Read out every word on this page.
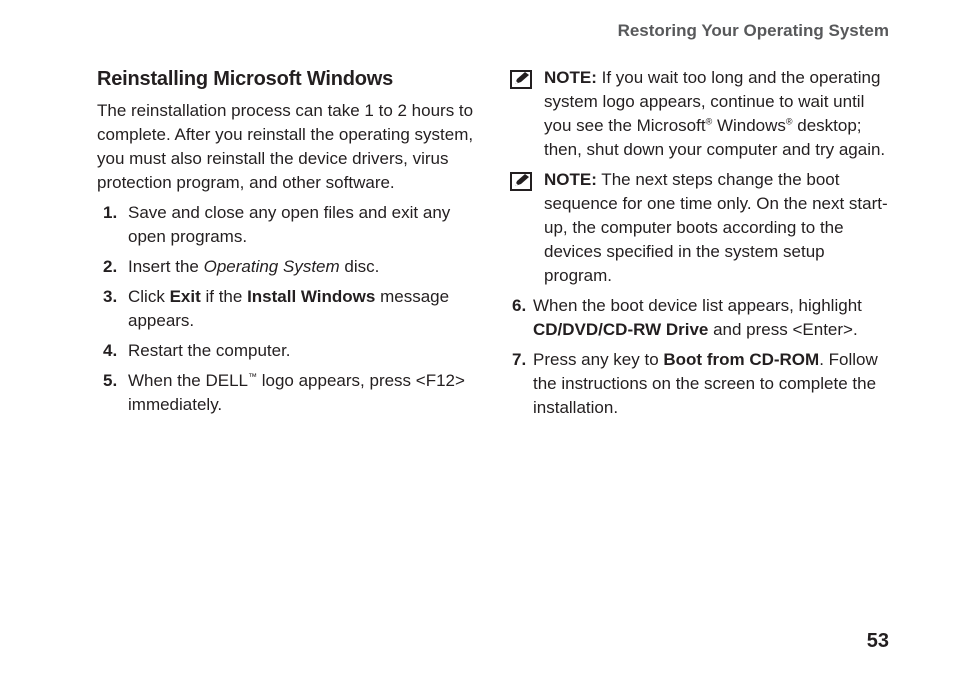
Restoring Your Operating System
Reinstalling Microsoft Windows

The reinstallation process can take 1 to 2 hours to complete. After you reinstall the operating system, you must also reinstall the device drivers, virus protection program, and other software.

1. Save and close any open files and exit any open programs.
2. Insert the Operating System disc.
3. Click Exit if the Install Windows message appears.
4. Restart the computer.
5. When the DELL™ logo appears, press <F12> immediately.
NOTE: If you wait too long and the operating system logo appears, continue to wait until you see the Microsoft® Windows® desktop; then, shut down your computer and try again.
NOTE: The next steps change the boot sequence for one time only. On the next start-up, the computer boots according to the devices specified in the system setup program.
6. When the boot device list appears, highlight CD/DVD/CD-RW Drive and press <Enter>.
7. Press any key to Boot from CD-ROM. Follow the instructions on the screen to complete the installation.
53
